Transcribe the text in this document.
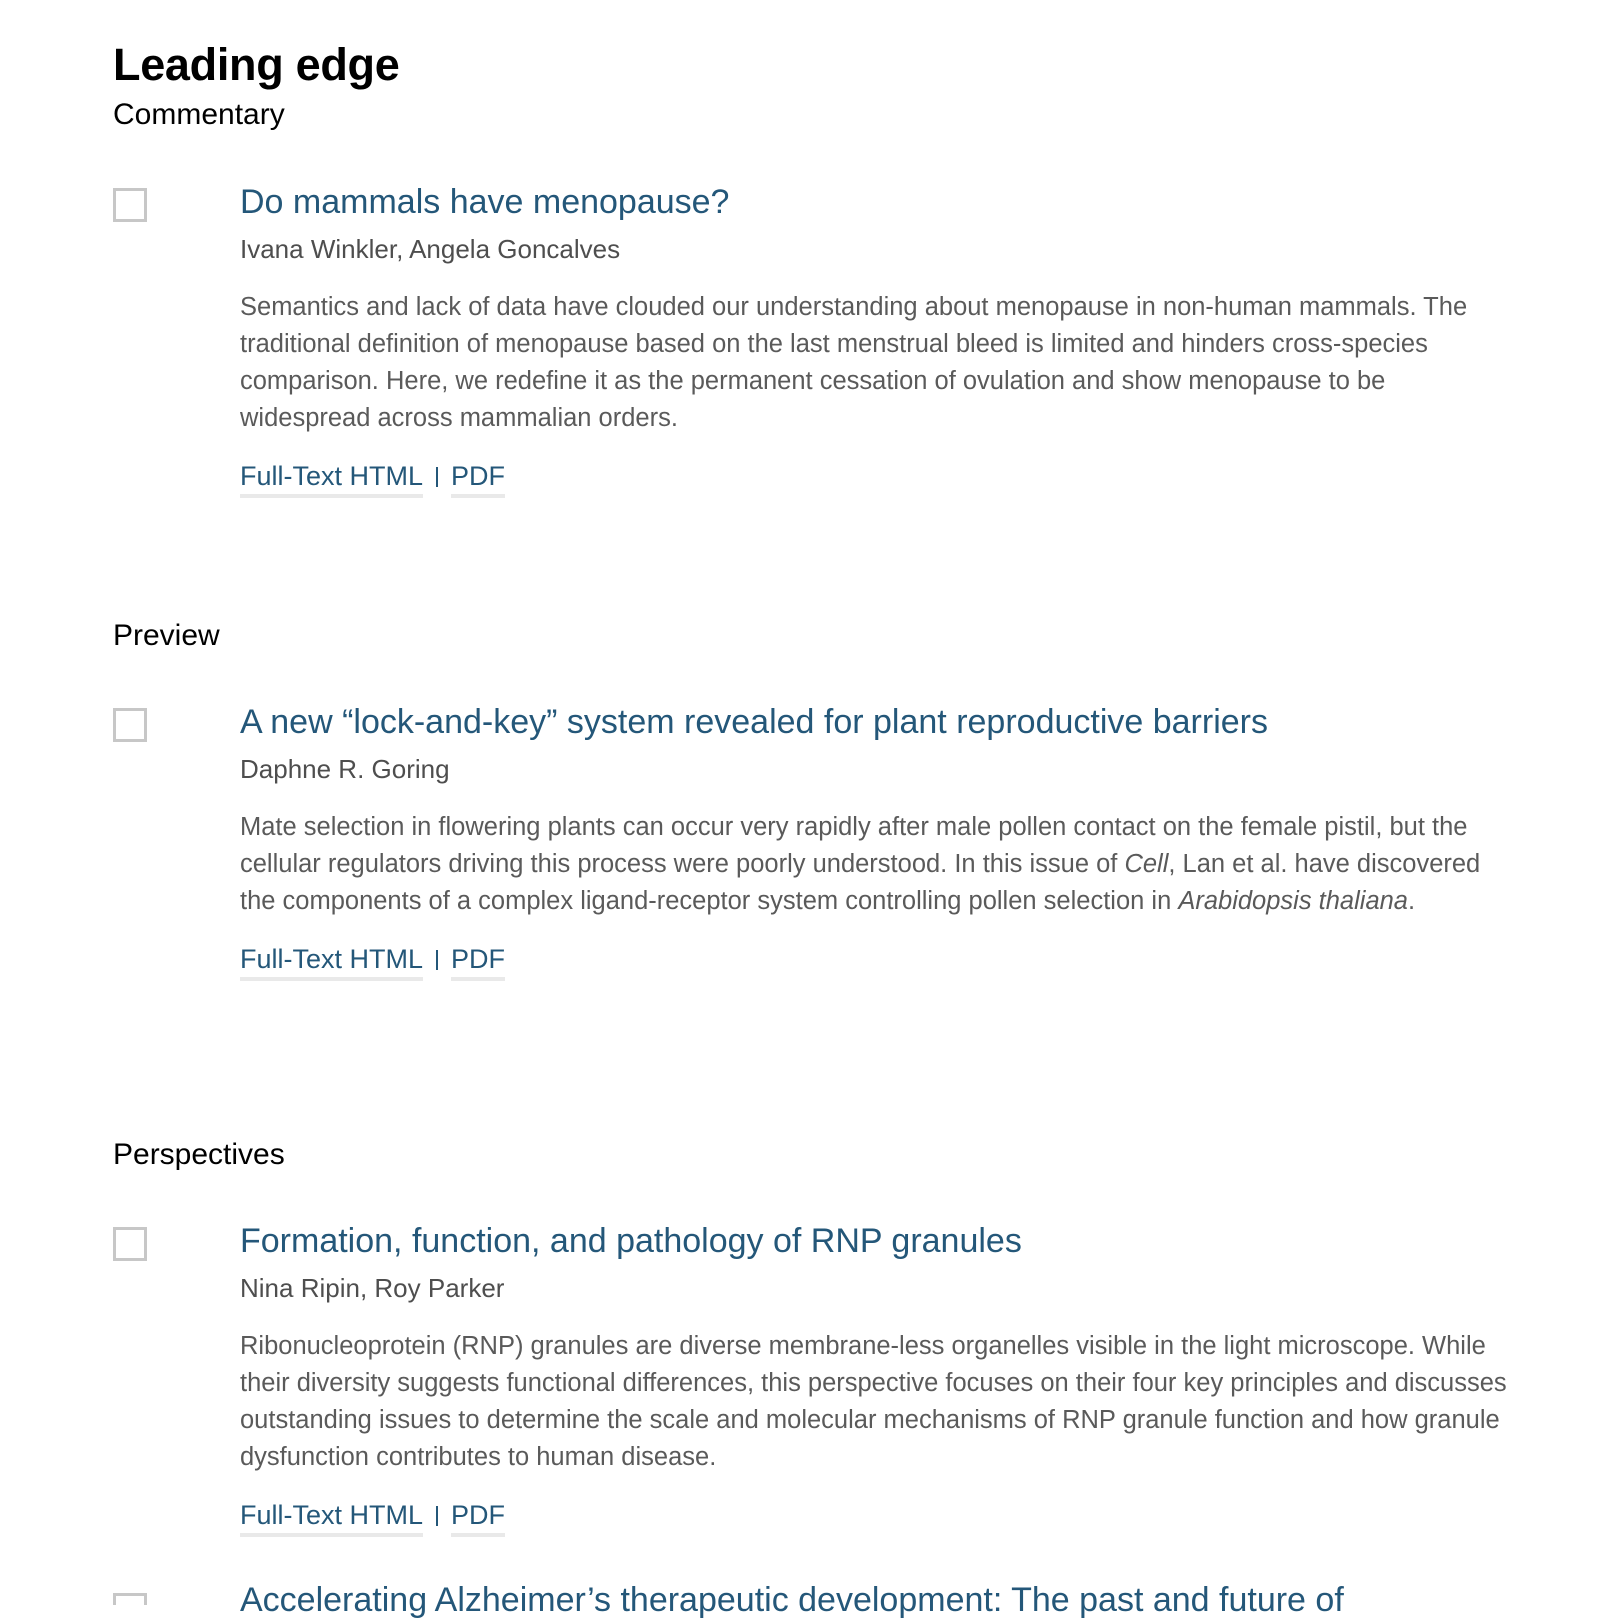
Leading edge
Commentary
Do mammals have menopause?
Ivana Winkler, Angela Goncalves
Semantics and lack of data have clouded our understanding about menopause in non-human mammals. The traditional definition of menopause based on the last menstrual bleed is limited and hinders cross-species comparison. Here, we redefine it as the permanent cessation of ovulation and show menopause to be widespread across mammalian orders.
Full-Text HTML PDF
Preview
A new “lock-and-key” system revealed for plant reproductive barriers
Daphne R. Goring
Mate selection in flowering plants can occur very rapidly after male pollen contact on the female pistil, but the cellular regulators driving this process were poorly understood. In this issue of Cell, Lan et al. have discovered the components of a complex ligand-receptor system controlling pollen selection in Arabidopsis thaliana.
Full-Text HTML PDF
Perspectives
Formation, function, and pathology of RNP granules
Nina Ripin, Roy Parker
Ribonucleoprotein (RNP) granules are diverse membrane-less organelles visible in the light microscope. While their diversity suggests functional differences, this perspective focuses on their four key principles and discusses outstanding issues to determine the scale and molecular mechanisms of RNP granule function and how granule dysfunction contributes to human disease.
Full-Text HTML PDF
Accelerating Alzheimer’s therapeutic development: The past and future of
